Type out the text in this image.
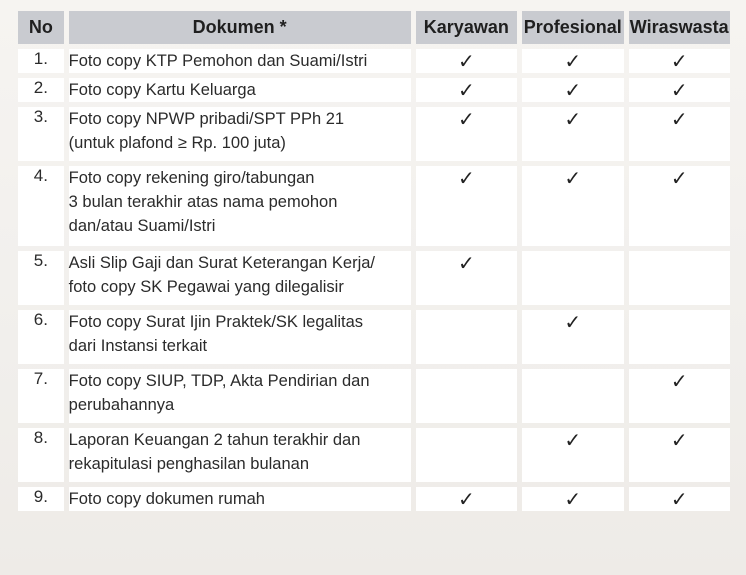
No	Dokumen *	Karyawan	Profesional	Wiraswasta
1.	Foto copy KTP Pemohon dan Suami/Istri	✓	✓	✓
2.	Foto copy Kartu Keluarga	✓	✓	✓
3.	Foto copy NPWP pribadi/SPT PPh 21
(untuk plafond ≥ Rp. 100 juta)	✓	✓	✓
4.	Foto copy rekening giro/tabungan
3 bulan terakhir atas nama pemohon
dan/atau Suami/Istri	✓	✓	✓
5.	Asli Slip Gaji dan Surat Keterangan Kerja/
foto copy SK Pegawai yang dilegalisir	✓		
6.	Foto copy Surat Ijin Praktek/SK legalitas
dari Instansi terkait		✓	
7.	Foto copy SIUP, TDP, Akta Pendirian dan
perubahannya			✓
8.	Laporan Keuangan 2 tahun terakhir dan
rekapitulasi penghasilan bulanan		✓	✓
9.	Foto copy dokumen rumah	✓	✓	✓
